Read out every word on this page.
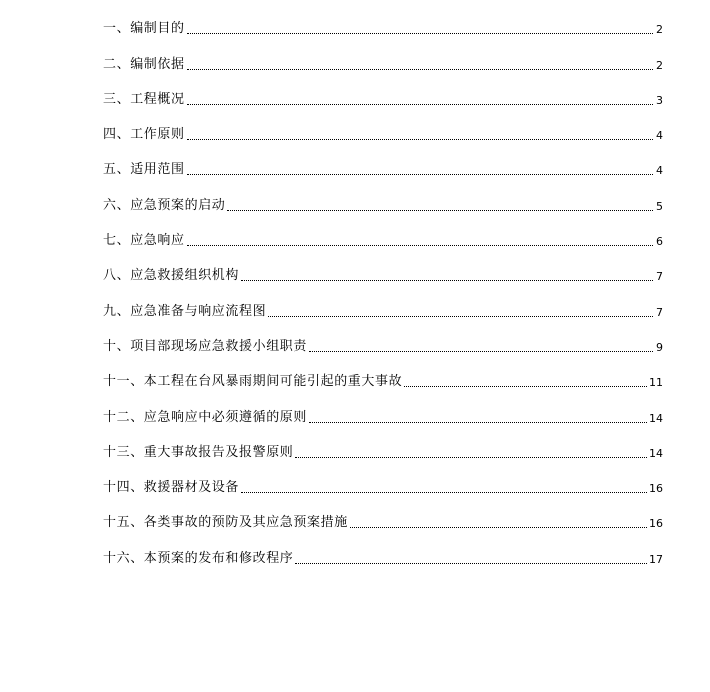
一、编制目的	2
二、编制依据	2
三、工程概况	3
四、工作原则	4
五、适用范围	4
六、应急预案的启动	5
七、应急响应	6
八、应急救援组织机构	7
九、应急准备与响应流程图	7
十、项目部现场应急救援小组职责	9
十一、本工程在台风暴雨期间可能引起的重大事故	11
十二、应急响应中必须遵循的原则	14
十三、重大事故报告及报警原则	14
十四、救援器材及设备	16
十五、各类事故的预防及其应急预案措施	16
十六、本预案的发布和修改程序	17
